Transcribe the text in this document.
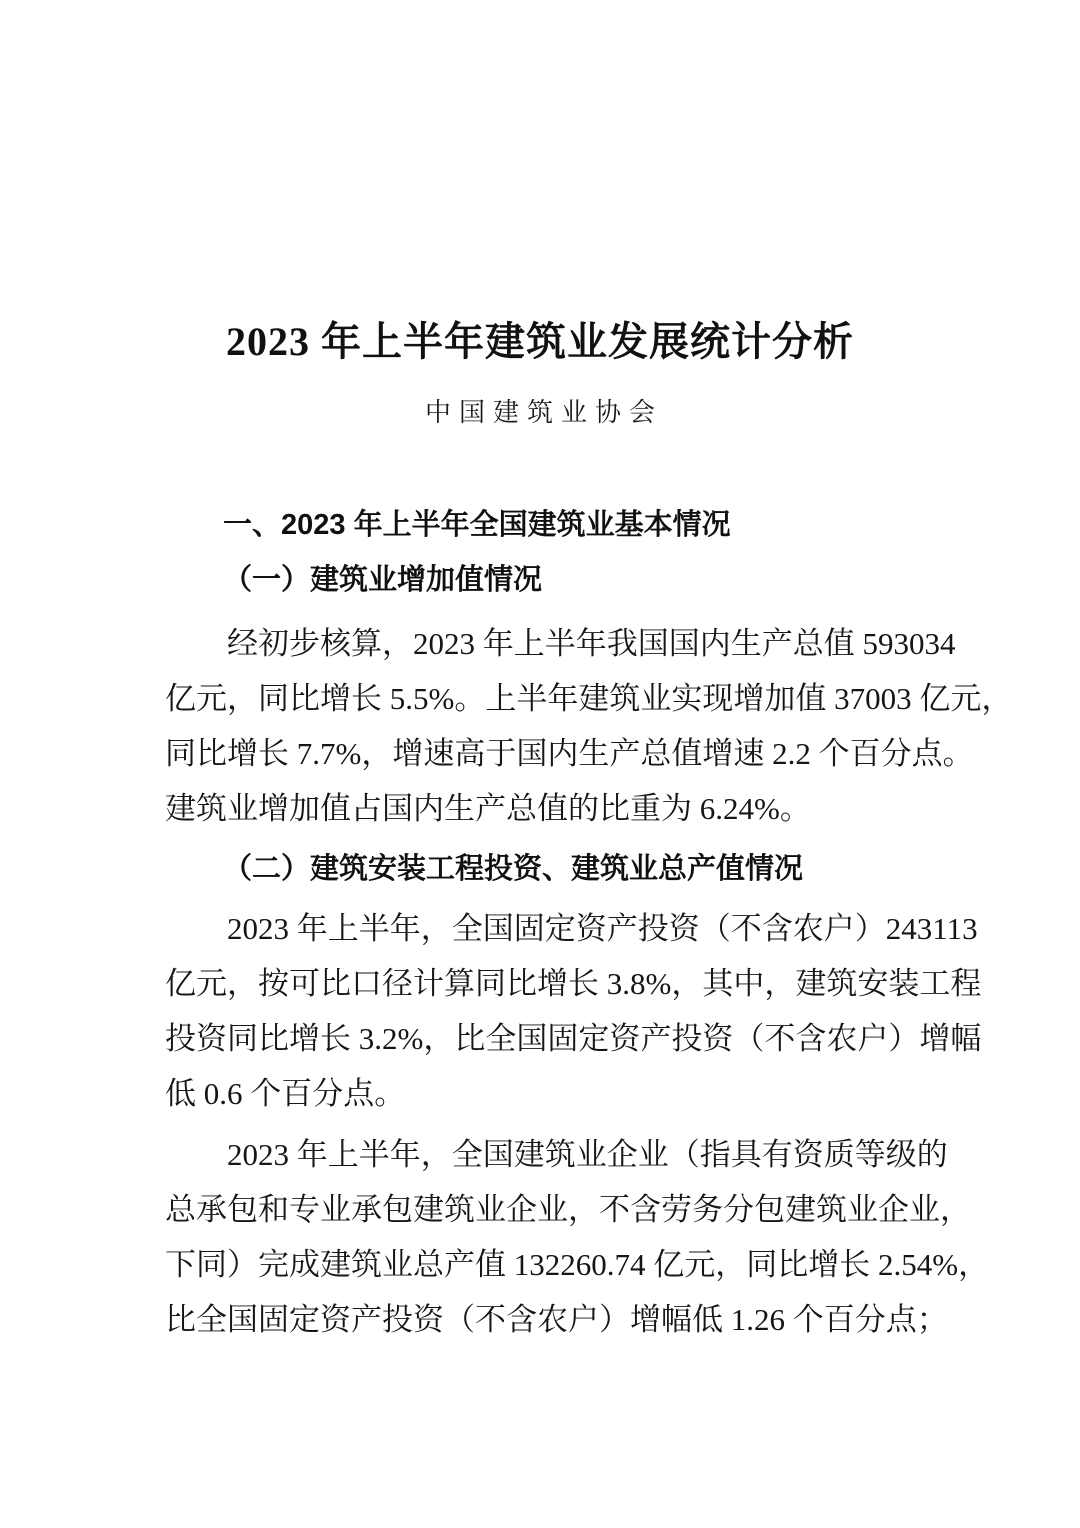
2023 年上半年建筑业发展统计分析
中国建筑业协会
一、2023 年上半年全国建筑业基本情况
（一）建筑业增加值情况
经初步核算，2023 年上半年我国国内生产总值 593034
亿元，同比增长 5.5%。上半年建筑业实现增加值 37003 亿元，
同比增长 7.7%，增速高于国内生产总值增速 2.2 个百分点。
建筑业增加值占国内生产总值的比重为 6.24%。
（二）建筑安装工程投资、建筑业总产值情况
2023 年上半年，全国固定资产投资（不含农户）243113
亿元，按可比口径计算同比增长 3.8%，其中，建筑安装工程
投资同比增长 3.2%，比全国固定资产投资（不含农户）增幅
低 0.6 个百分点。
2023 年上半年，全国建筑业企业（指具有资质等级的
总承包和专业承包建筑业企业，不含劳务分包建筑业企业，
下同）完成建筑业总产值 132260.74 亿元，同比增长 2.54%，
比全国固定资产投资（不含农户）增幅低 1.26 个百分点；
